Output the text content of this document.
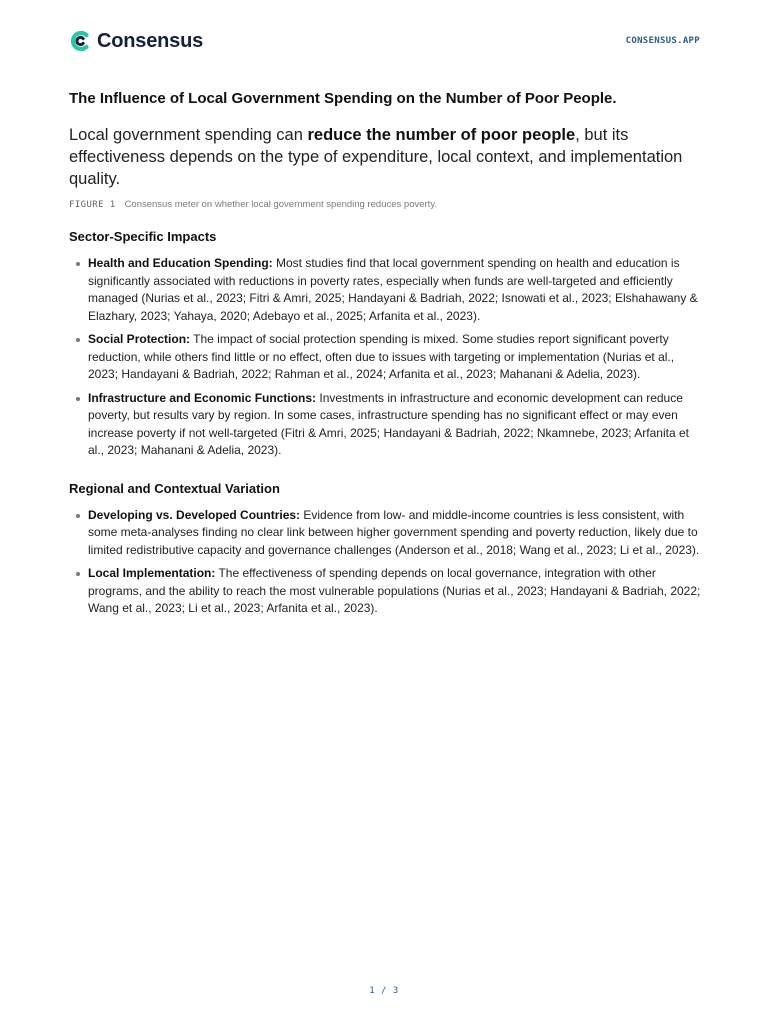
Consensus	CONSENSUS.APP
The Influence of Local Government Spending on the Number of Poor People.

Local government spending can reduce the number of poor people, but its effectiveness depends on the type of expenditure, local context, and implementation quality.

FIGURE 1 Consensus meter on whether local government spending reduces poverty.
Sector-Specific Impacts
Health and Education Spending: Most studies find that local government spending on health and education is significantly associated with reductions in poverty rates, especially when funds are well-targeted and efficiently managed (Nurias et al., 2023; Fitri & Amri, 2025; Handayani & Badriah, 2022; Isnowati et al., 2023; Elshahawany & Elazhary, 2023; Yahaya, 2020; Adebayo et al., 2025; Arfanita et al., 2023).
Social Protection: The impact of social protection spending is mixed. Some studies report significant poverty reduction, while others find little or no effect, often due to issues with targeting or implementation (Nurias et al., 2023; Handayani & Badriah, 2022; Rahman et al., 2024; Arfanita et al., 2023; Mahanani & Adelia, 2023).
Infrastructure and Economic Functions: Investments in infrastructure and economic development can reduce poverty, but results vary by region. In some cases, infrastructure spending has no significant effect or may even increase poverty if not well-targeted (Fitri & Amri, 2025; Handayani & Badriah, 2022; Nkamnebe, 2023; Arfanita et al., 2023; Mahanani & Adelia, 2023).
Regional and Contextual Variation
Developing vs. Developed Countries: Evidence from low- and middle-income countries is less consistent, with some meta-analyses finding no clear link between higher government spending and poverty reduction, likely due to limited redistributive capacity and governance challenges (Anderson et al., 2018; Wang et al., 2023; Li et al., 2023).
Local Implementation: The effectiveness of spending depends on local governance, integration with other programs, and the ability to reach the most vulnerable populations (Nurias et al., 2023; Handayani & Badriah, 2022; Wang et al., 2023; Li et al., 2023; Arfanita et al., 2023).
1 / 3
